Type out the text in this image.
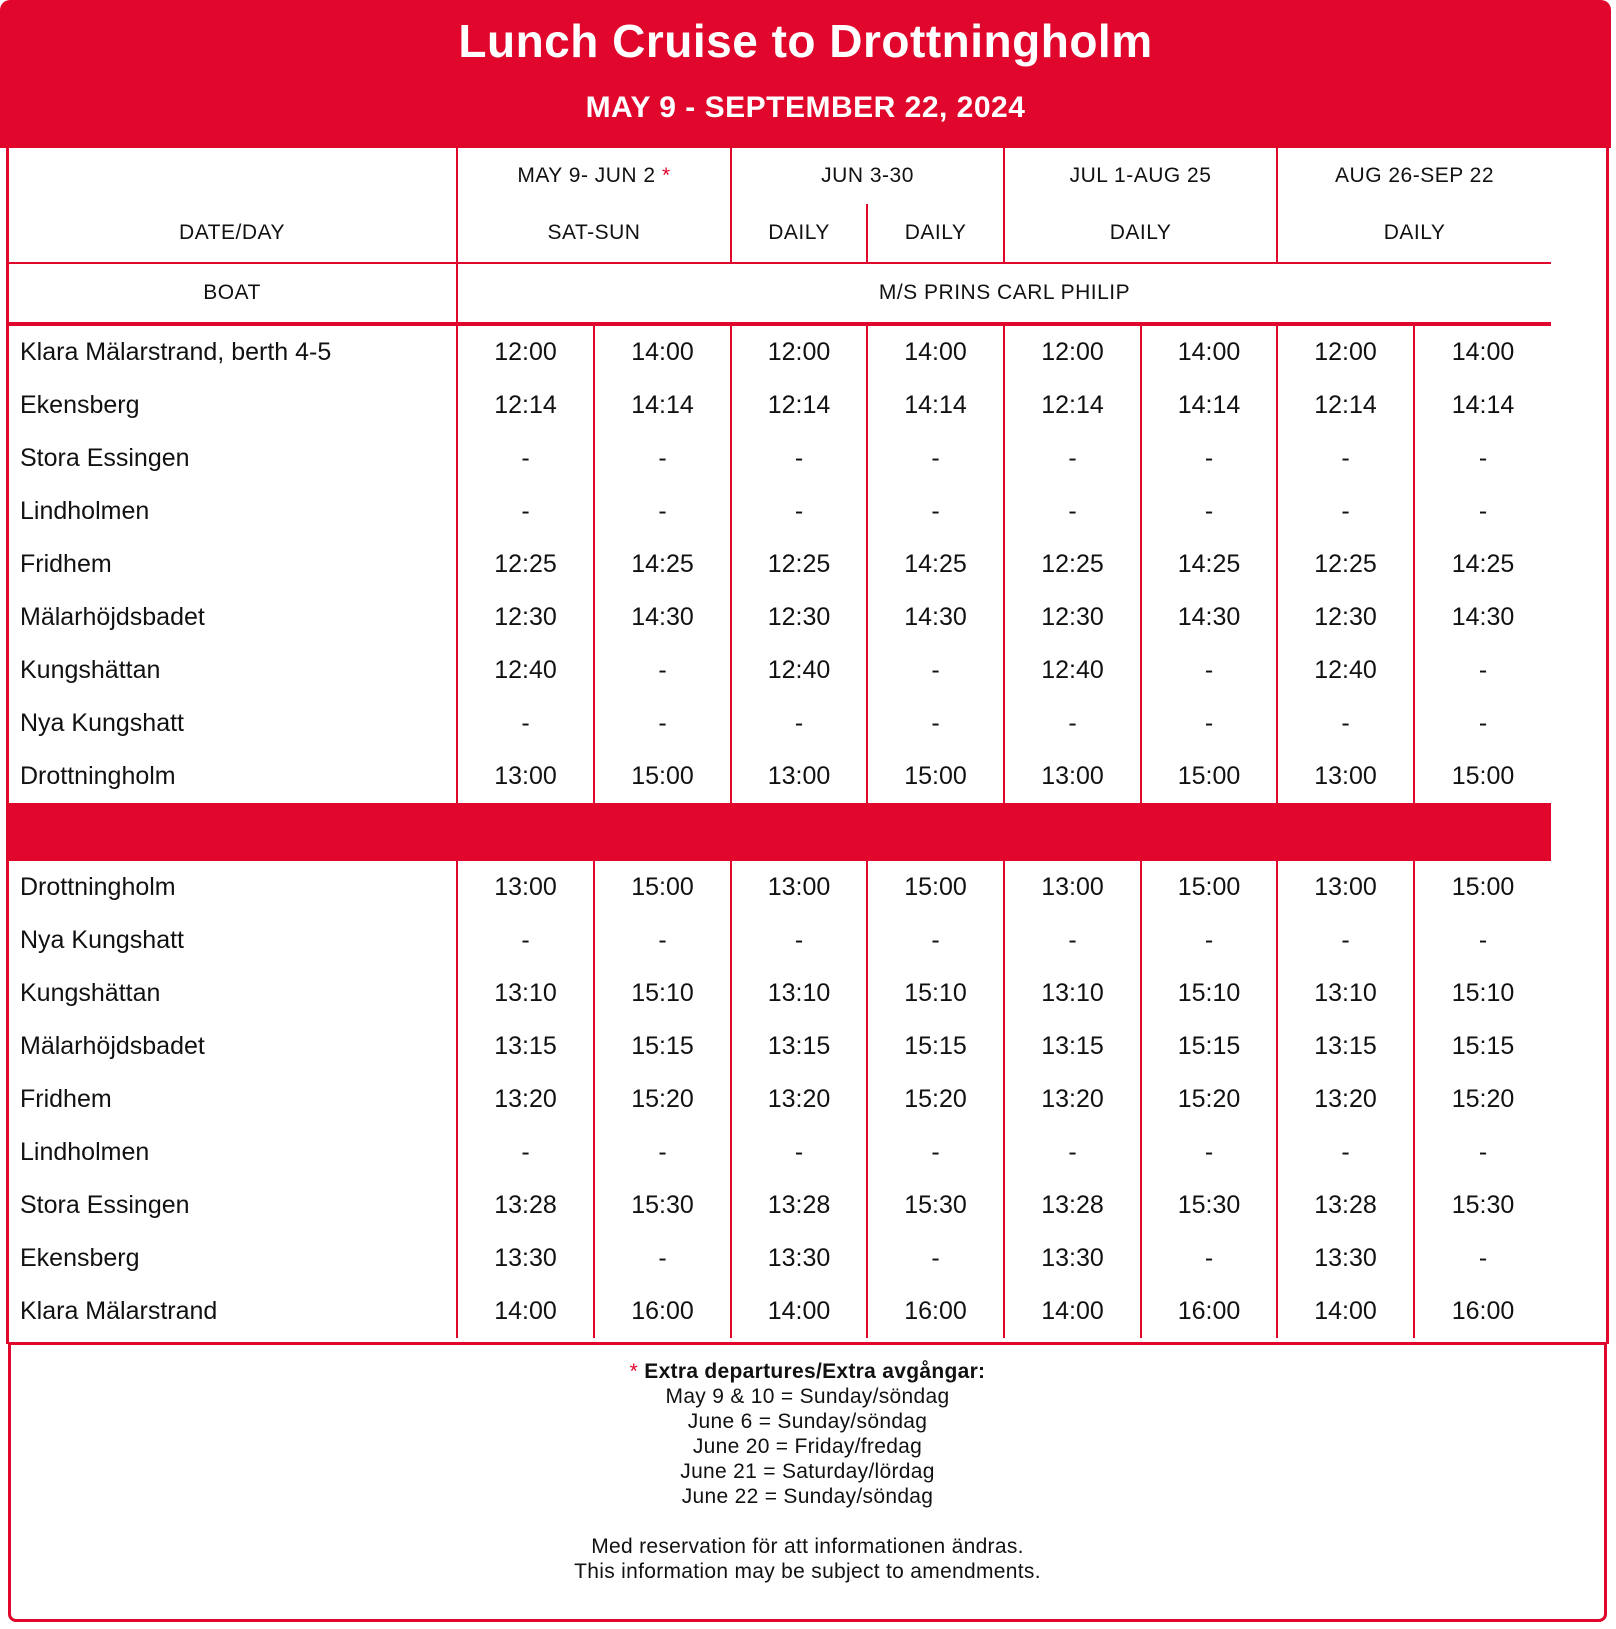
Lunch Cruise to Drottningholm
MAY 9 - SEPTEMBER 22, 2024
	MAY 9- JUN 2 *		JUN 3-30		JUL 1-AUG 25		AUG 26-SEP 22	
DATE/DAY	SAT-SUN		DAILY	DAILY	DAILY		DAILY	
BOAT	M/S PRINS CARL PHILIP							
Klara Mälarstrand, berth 4-5	12:00	14:00	12:00	14:00	12:00	14:00	12:00	14:00
Ekensberg	12:14	14:14	12:14	14:14	12:14	14:14	12:14	14:14
Stora Essingen	-	-	-	-	-	-	-	-
Lindholmen	-	-	-	-	-	-	-	-
Fridhem	12:25	14:25	12:25	14:25	12:25	14:25	12:25	14:25
Mälarhöjdsbadet	12:30	14:30	12:30	14:30	12:30	14:30	12:30	14:30
Kungshättan	12:40	-	12:40	-	12:40	-	12:40	-
Nya Kungshatt	-	-	-	-	-	-	-	-
Drottningholm	13:00	15:00	13:00	15:00	13:00	15:00	13:00	15:00

Drottningholm	13:00	15:00	13:00	15:00	13:00	15:00	13:00	15:00
Nya Kungshatt	-	-	-	-	-	-	-	-
Kungshättan	13:10	15:10	13:10	15:10	13:10	15:10	13:10	15:10
Mälarhöjdsbadet	13:15	15:15	13:15	15:15	13:15	15:15	13:15	15:15
Fridhem	13:20	15:20	13:20	15:20	13:20	15:20	13:20	15:20
Lindholmen	-	-	-	-	-	-	-	-
Stora Essingen	13:28	15:30	13:28	15:30	13:28	15:30	13:28	15:30
Ekensberg	13:30	-	13:30	-	13:30	-	13:30	-
Klara Mälarstrand	14:00	16:00	14:00	16:00	14:00	16:00	14:00	16:00
* Extra departures/Extra avgångar:
May 9 & 10 = Sunday/söndag
June 6 = Sunday/söndag
June 20 = Friday/fredag
June 21 = Saturday/lördag
June 22 = Sunday/söndag
Med reservation för att informationen ändras.
This information may be subject to amendments.
